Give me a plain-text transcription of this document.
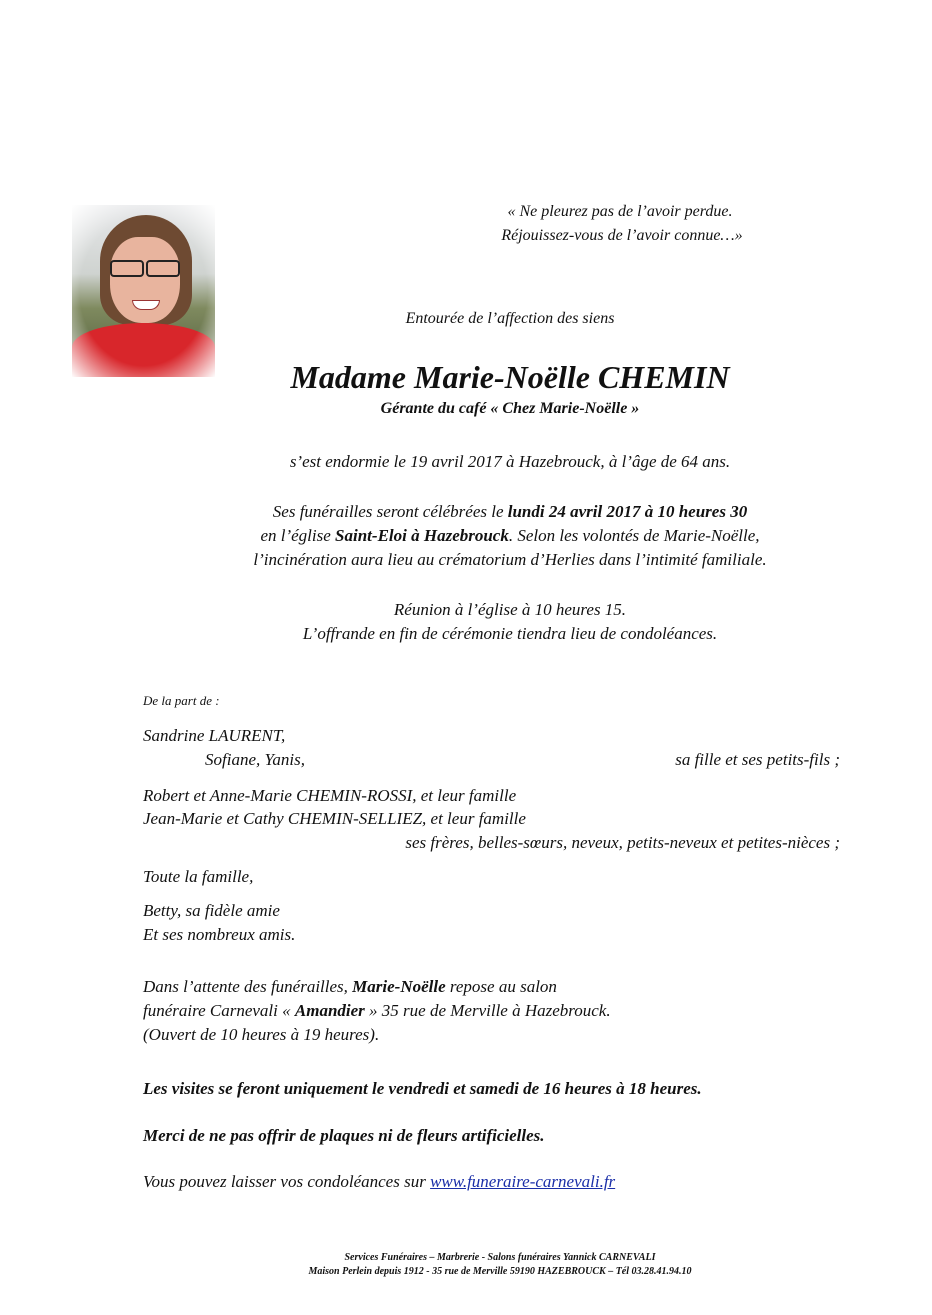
« Ne pleurez pas de l’avoir perdue.
Réjouissez-vous de l’avoir connue…»
Entourée de l’affection des siens
Madame Marie-Noëlle CHEMIN
Gérante du café « Chez Marie-Noëlle »
s’est endormie le 19 avril 2017 à Hazebrouck, à l’âge de 64 ans.
Ses funérailles seront célébrées le lundi 24 avril 2017 à 10 heures 30
en l’église Saint-Eloi à Hazebrouck. Selon les volontés de Marie-Noëlle,
l’incinération aura lieu au crématorium d’Herlies dans l’intimité familiale.
Réunion à l’église à 10 heures 15.
L’offrande en fin de cérémonie tiendra lieu de condoléances.
De la part de :
Sandrine LAURENT,
Sofiane, Yanis,	sa fille et ses petits-fils ;
Robert et Anne-Marie CHEMIN-ROSSI, et leur famille
Jean-Marie et Cathy CHEMIN-SELLIEZ, et leur famille
ses frères, belles-sœurs, neveux, petits-neveux et petites-nièces ;
Toute la famille,
Betty, sa fidèle amie
Et ses nombreux amis.
Dans l’attente des funérailles, Marie-Noëlle repose au salon
funéraire Carnevali « Amandier » 35 rue de Merville à Hazebrouck.
(Ouvert de 10 heures à 19 heures).
Les visites se feront uniquement le vendredi et samedi de 16 heures à 18 heures.
Merci de ne pas offrir de plaques ni de fleurs artificielles.
Vous pouvez laisser vos condoléances sur www.funeraire-carnevali.fr
Services Funéraires – Marbrerie - Salons funéraires Yannick CARNEVALI
Maison Perlein depuis 1912 - 35 rue de Merville 59190 HAZEBROUCK – Tél 03.28.41.94.10
